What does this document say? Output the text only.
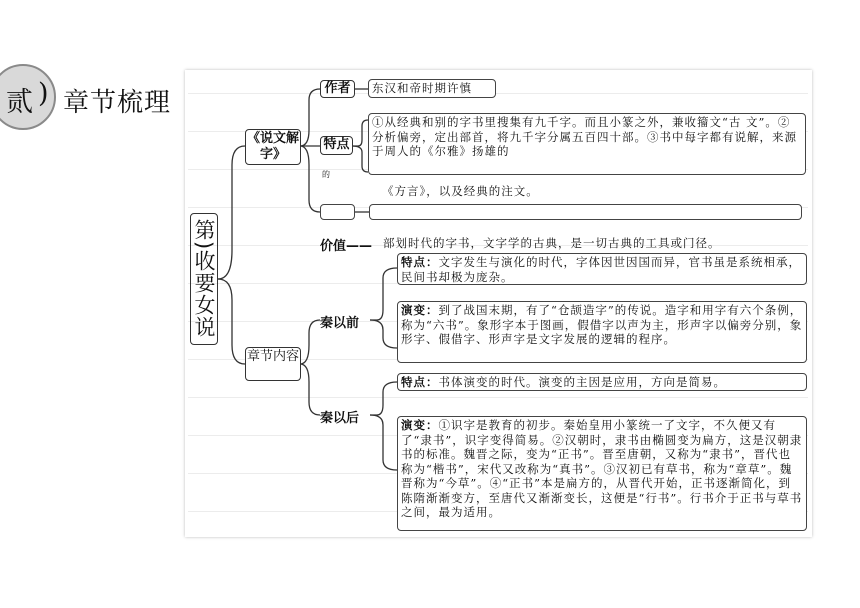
贰 ) 章节梳理
第)收要女说
《说文解字》
章节内容
作者	东汉和帝时期许慎
特点
①从经典和别的字书里搜集有九千字。而且小篆之外，兼收籀文“古 文”。②分析偏旁，定出部首，将九千字分属五百四十部。③书中每字都有说解，来源于周人的《尔雅》扬雄的
的
《方言》，以及经典的注文。
价值—— 部划时代的字书，文字学的古典，是一切古典的工具或门径。
秦以前
特点：文字发生与演化的时代，字体因世因国而异，官书虽是系统相承，民间书却极为庞杂。
演变：到了战国末期，有了“仓颉造字”的传说。造字和用字有六个条例，称为“六书”。象形字本于图画，假借字以声为主，形声字以偏旁分别，象形字、假借字、形声字是文字发展的逻辑的程序。
秦以后
特点：书体演变的时代。演变的主因是应用，方向是简易。
演变：①识字是教育的初步。秦始皇用小篆统一了文字，不久便又有了“隶书”，识字变得简易。②汉朝时，隶书由椭圆变为扁方，这是汉朝隶书的标准。魏晋之际，变为“正书”。晋至唐朝，又称为“隶书”，晋代也称为“楷书”，宋代又改称为“真书”。③汉初已有草书，称为“章草”。魏晋称为“今草”。④“正书”本是扁方的，从晋代开始，正书逐渐简化，到陈隋渐渐变方，至唐代又渐渐变长，这便是“行书”。行书介于正书与草书之间，最为适用。
